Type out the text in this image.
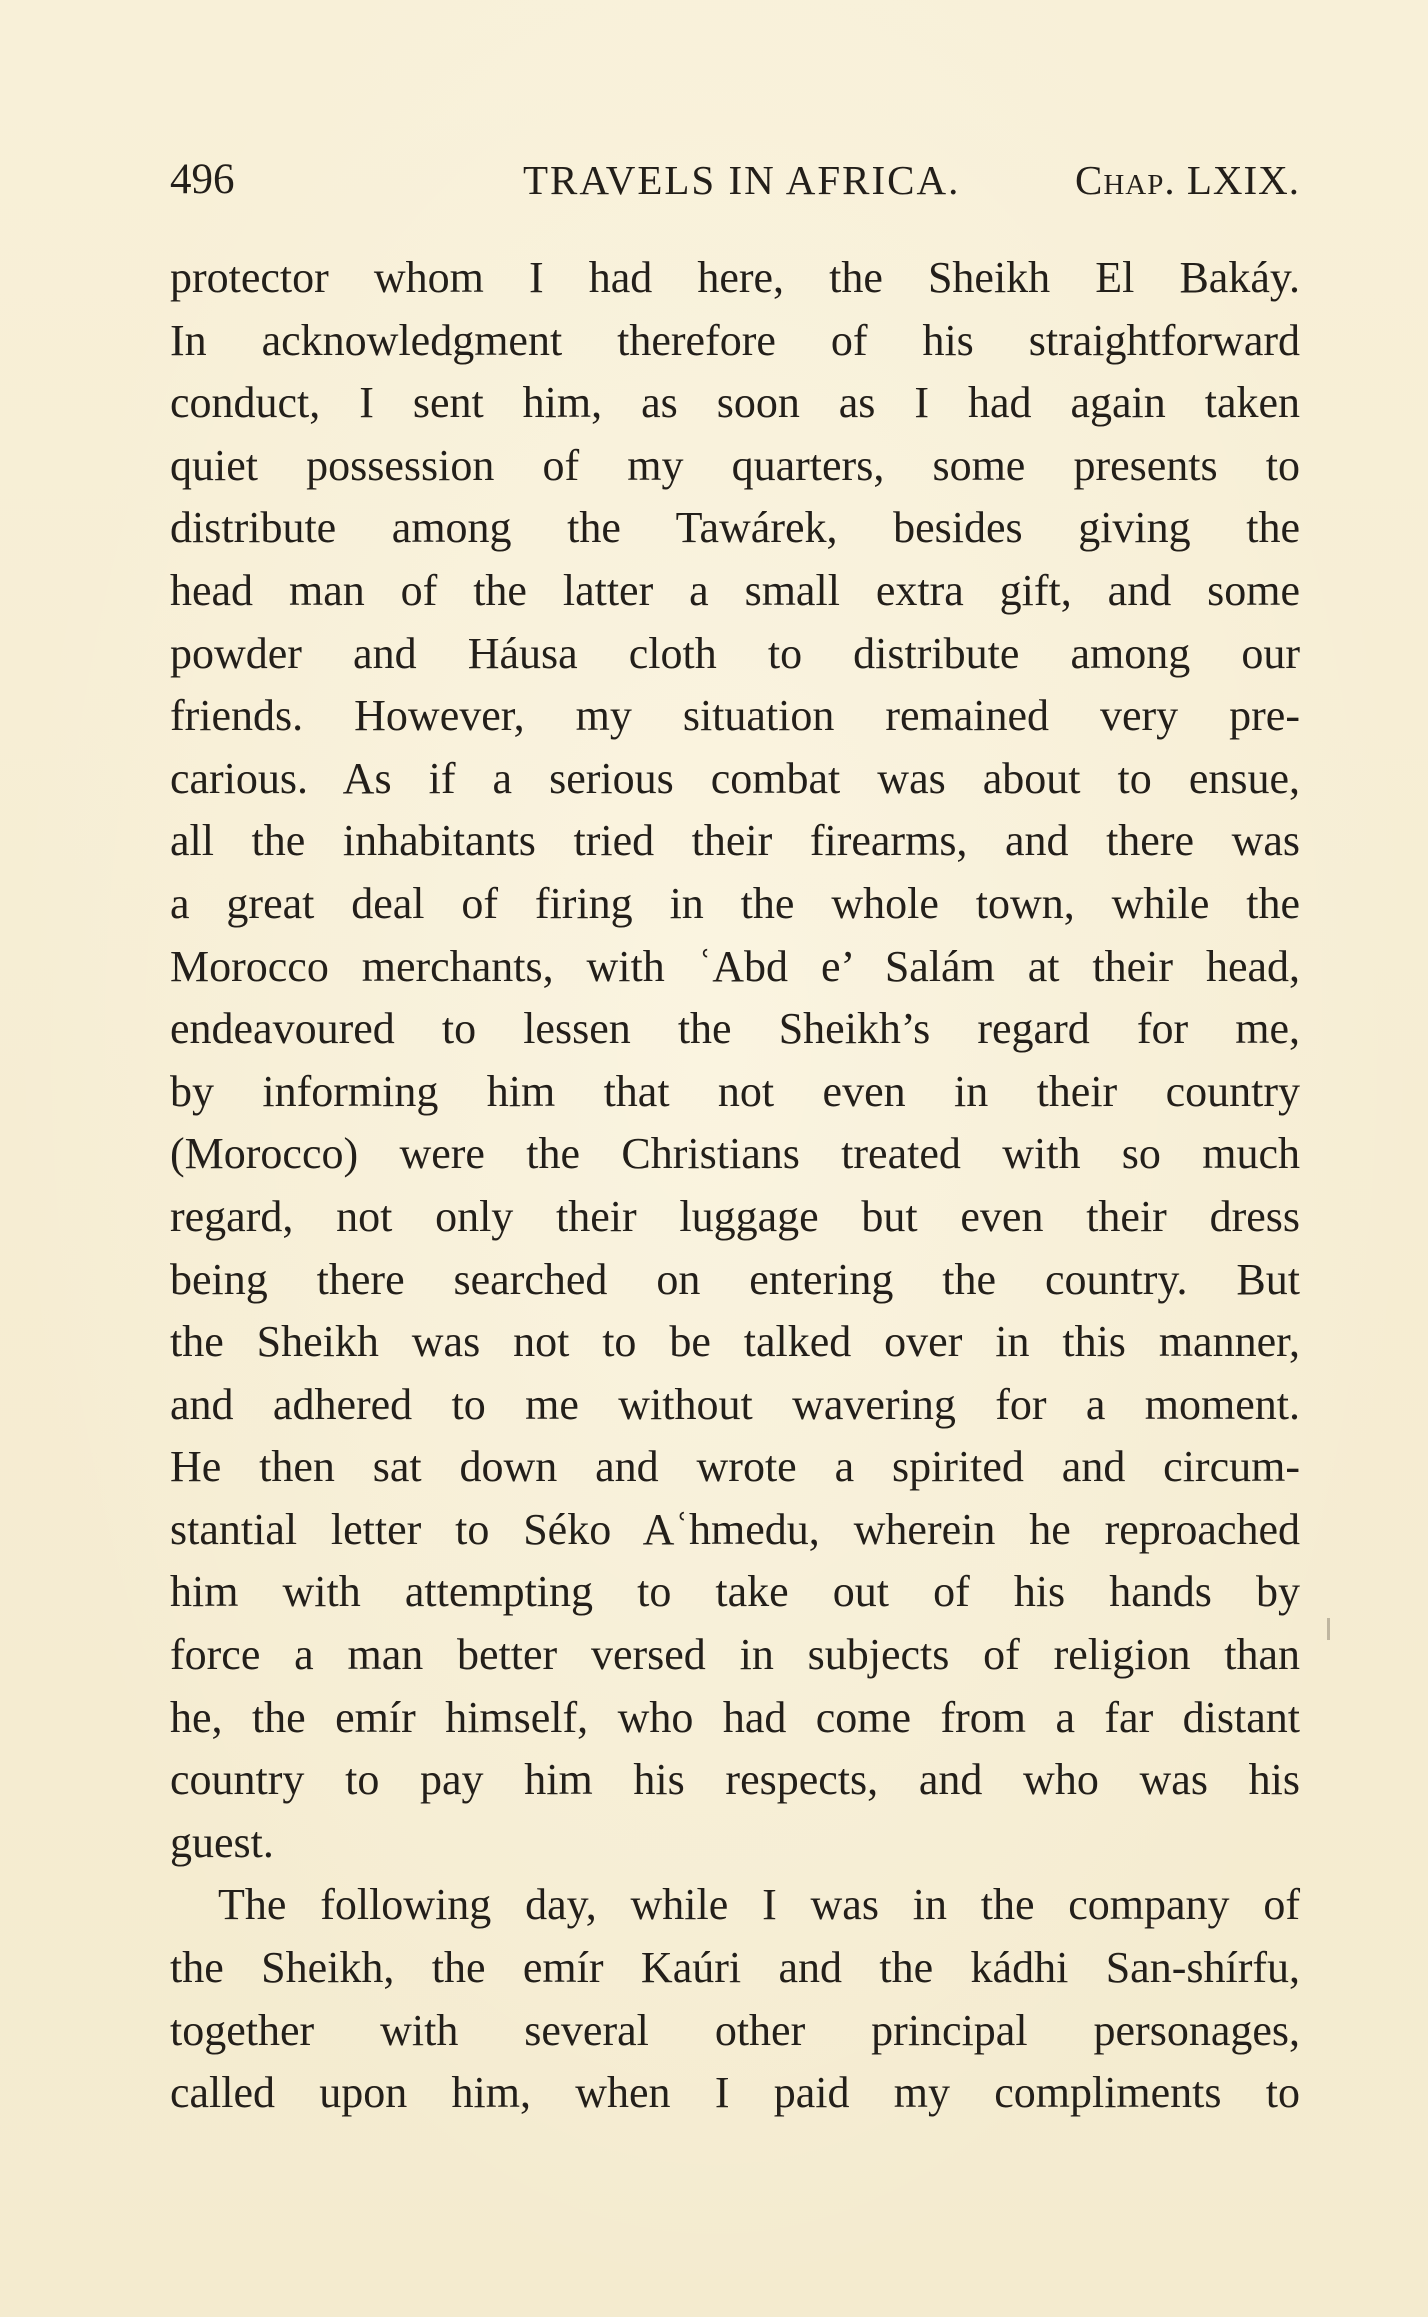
496	TRAVELS IN AFRICA.	Chap. LXIX.
protector whom I had here, the Sheikh El Bakáy.
In acknowledgment therefore of his straightforward
conduct, I sent him, as soon as I had again taken
quiet possession of my quarters, some presents to
distribute among the Tawárek, besides giving the
head man of the latter a small extra gift, and some
powder and Háusa cloth to distribute among our
friends. However, my situation remained very pre-
carious. As if a serious combat was about to ensue,
all the inhabitants tried their firearms, and there was
a great deal of firing in the whole town, while the
Morocco merchants, with ʿAbd e’ Salám at their head,
endeavoured to lessen the Sheikh’s regard for me,
by informing him that not even in their country
(Morocco) were the Christians treated with so much
regard, not only their luggage but even their dress
being there searched on entering the country. But
the Sheikh was not to be talked over in this manner,
and adhered to me without wavering for a moment.
He then sat down and wrote a spirited and circum-
stantial letter to Séko Aʿhmedu, wherein he reproached
him with attempting to take out of his hands by
force a man better versed in subjects of religion than
he, the emír himself, who had come from a far distant
country to pay him his respects, and who was his
guest.
The following day, while I was in the company of
the Sheikh, the emír Kaúri and the kádhi San-shírfu,
together with several other principal personages,
called upon him, when I paid my compliments to
